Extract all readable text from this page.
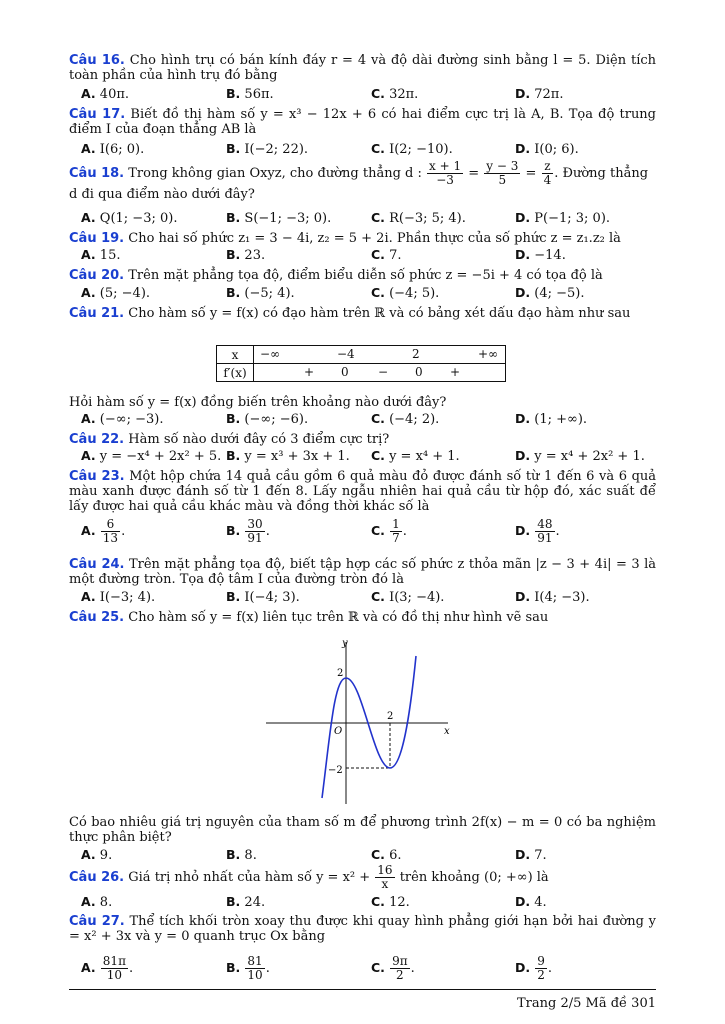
Câu 16. Cho hình trụ có bán kính đáy r = 4 và độ dài đường sinh bằng l = 5. Diện tích toàn phần của hình trụ đó bằng
A. 40π.	B. 56π.	C. 32π.	D. 72π.
Câu 17. Biết đồ thị hàm số y = x³ − 12x + 6 có hai điểm cực trị là A, B. Tọa độ trung điểm I của đoạn thẳng AB là
A. I(6; 0).	B. I(−2; 22).	C. I(2; −10).	D. I(0; 6).
Câu 18. Trong không gian Oxyz, cho đường thẳng d : $\frac{x + 1}{-3} = \frac{y - 3}{5} = \frac{z}{4}$ . Đường thẳng
d đi qua điểm nào dưới đây?
A. Q(1; −3; 0).	B. S(−1; −3; 0).	C. R(−3; 5; 4).	D. P(−1; 3; 0).
Câu 19. Cho hai số phức z₁ = 3 − 4i, z₂ = 5 + 2i. Phần thực của số phức z = z₁.z₂ là
A. 15.	B. 23.	C. 7.	D. −14.
Câu 20. Trên mặt phẳng tọa độ, điểm biểu diễn số phức z = −5i + 4 có tọa độ là
A. (5; −4).	B. (−5; 4).	C. (−4; 5).	D. (4; −5).
Câu 21. Cho hàm số y = f(x) có đạo hàm trên ℝ và có bảng xét dấu đạo hàm như sau
x	−∞ −4 2 +∞

f′(x)	+ 0 − 0 +
Hỏi hàm số y = f(x) đồng biến trên khoảng nào dưới đây?
A. (−∞; −3).	B. (−∞; −6).	C. (−4; 2).	D. (1; +∞).
Câu 22. Hàm số nào dưới đây có 3 điểm cực trị?
A. y = −x⁴ + 2x² + 5. B. y = x³ + 3x + 1. C. y = x⁴ + 1.	D. y = x⁴ + 2x² + 1.
Câu 23. Một hộp chứa 14 quả cầu gồm 6 quả màu đỏ được đánh số từ 1 đến 6 và 6 quả màu xanh được đánh số từ 1 đến 8. Lấy ngẫu nhiên hai quả cầu từ hộp đó, xác suất để lấy được hai quả cầu khác màu và đồng thời khác số là
A. $\frac{6}{13}$ .	B. $\frac{30}{91}$ .	C. $\frac{1}{7}$ .	D. $\frac{48}{91}$ .
Câu 24. Trên mặt phẳng tọa độ, biết tập hợp các số phức z thỏa mãn |z − 3 + 4i| = 3 là một đường tròn. Tọa độ tâm I của đường tròn đó là
A. I(−3; 4).	B. I(−4; 3).	C. I(3; −4).	D. I(4; −3).
Câu 25. Cho hàm số y = f(x) liên tục trên ℝ và có đồ thị như hình vẽ sau
y
x
O
2
−2
2
Có bao nhiêu giá trị nguyên của tham số m để phương trình 2f(x) − m = 0 có ba nghiệm thực phân biệt?
A. 9.	B. 8.	C. 6.	D. 7.
Câu 26. Giá trị nhỏ nhất của hàm số $y = x^2 + \frac{16}{x}$ trên khoảng (0; +∞) là
A. 8.	B. 24.	C. 12.	D. 4.
Câu 27. Thể tích khối tròn xoay thu được khi quay hình phẳng giới hạn bởi hai đường y = x² + 3x và y = 0 quanh trục Ox bằng
A. $\frac{81\pi}{10}$ .	B. $\frac{81}{10}$ .	C. $\frac{9\pi}{2}$ .	D. $\frac{9}{2}$ .
Trang 2/5 Mã đề 301
